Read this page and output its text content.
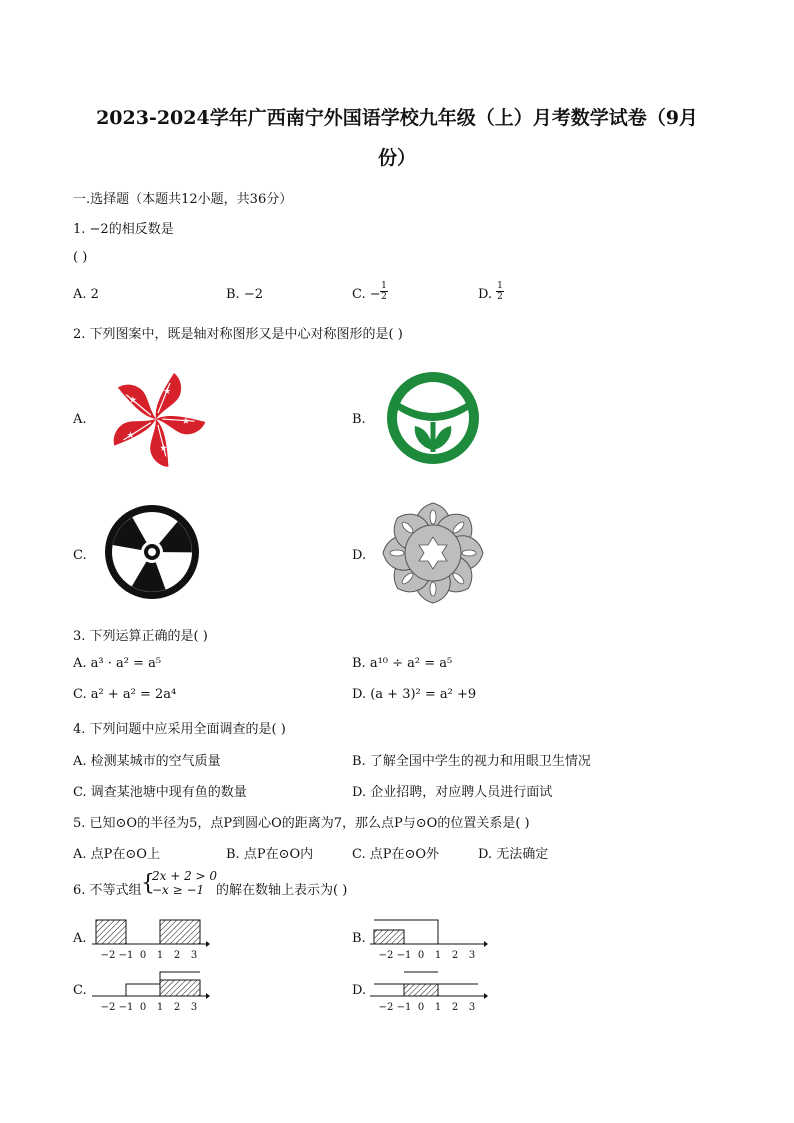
2023-2024学年广西南宁外国语学校九年级（上）月考数学试卷（9月
份）
一.选择题（本题共12小题，共36分）
1. −2的相反数是
( )
A. 2	B. −2	C. −
1
2	D.
1
2
2. 下列图案中，既是轴对称图形又是中心对称图形的是( )
A.	B.
C.	D.
★
3. 下列运算正确的是( )
A. a³ · a² = a⁵	B. a¹⁰ ÷ a² = a⁵
C. a² + a² = 2a⁴	D. (a + 3)² = a² +9
4. 下列问题中应采用全面调查的是( )
A. 检测某城市的空气质量	B. 了解全国中学生的视力和用眼卫生情况
C. 调查某池塘中现有鱼的数量	D. 企业招聘，对应聘人员进行面试
5. 已知⊙O的半径为5，点P到圆心O的距离为7，那么点P与⊙O的位置关系是( )
A. 点P在⊙O上	B. 点P在⊙O内	C. 点P在⊙O外	D. 无法确定
6. 不等式组 {
2x + 2 > 0
−x ≥ −1 的解在数轴上表示为( )
A.	B.
C.	D.
−2 −1 0 1 2 3	−2 −1 0 1 2 3
−2 −1 0 1 2 3	−2 −1 0 1 2 3
